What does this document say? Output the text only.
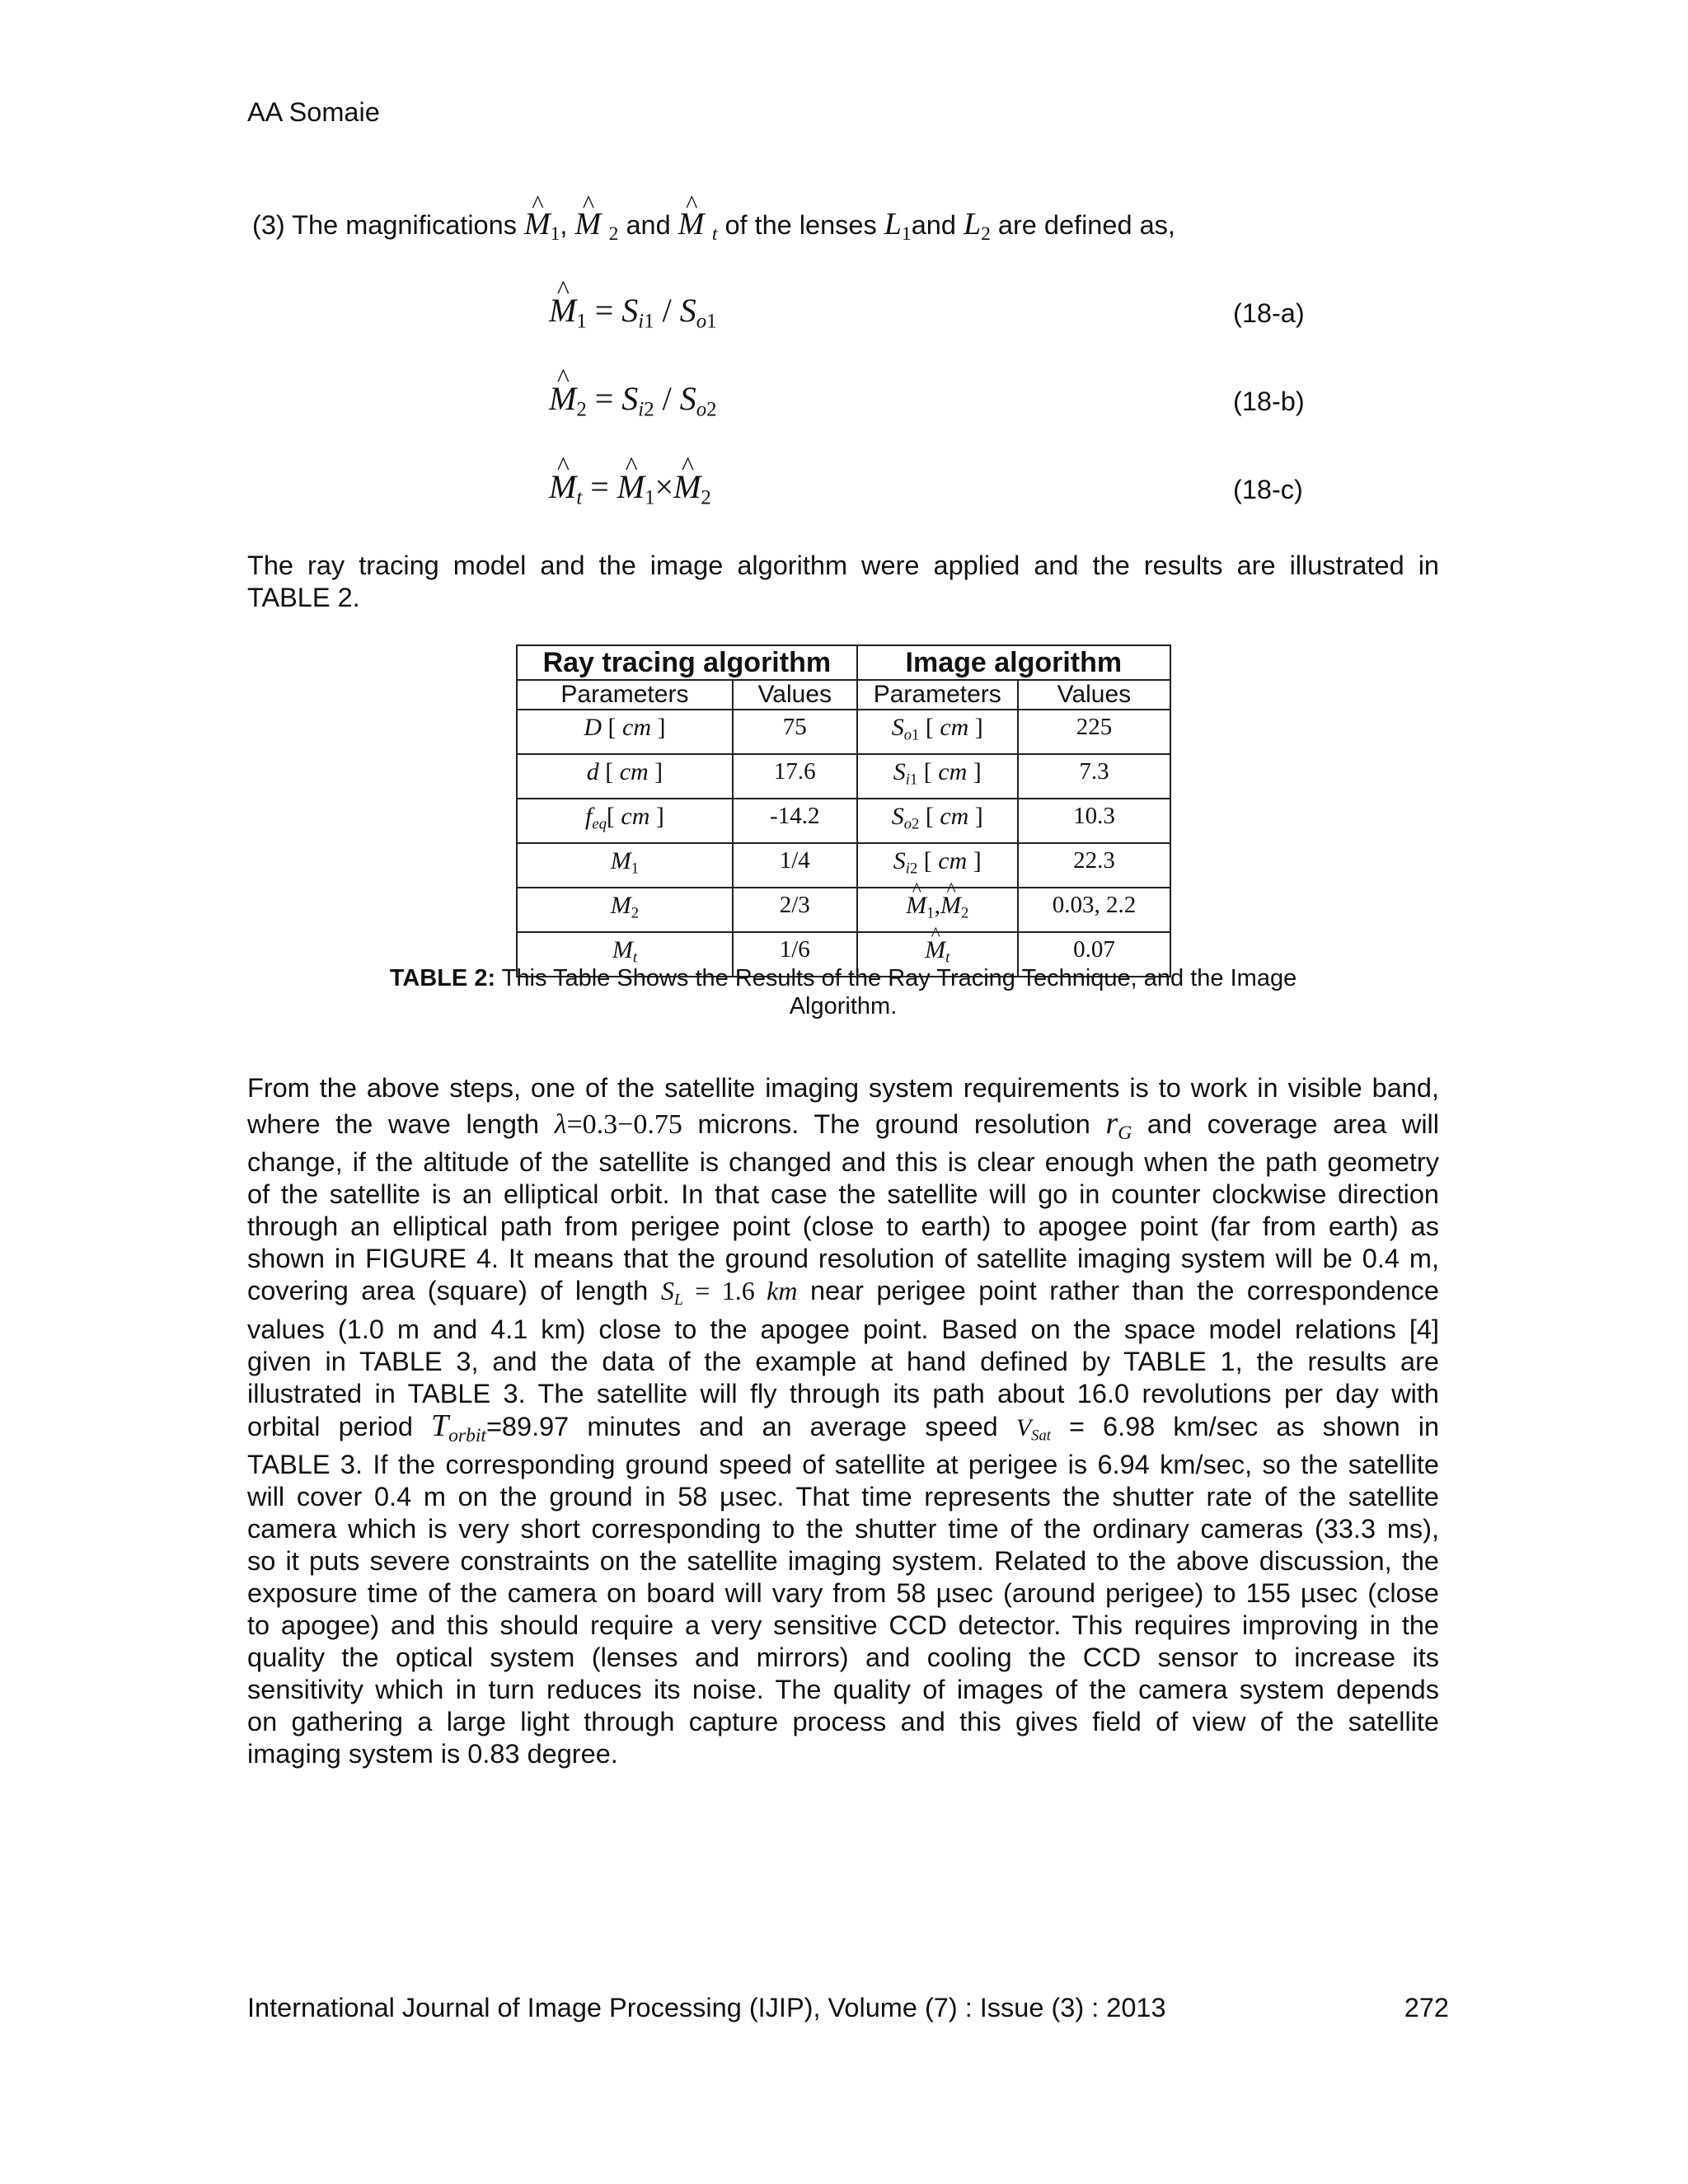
AA Somaie
(3) The magnifications ^ $M_1$, ^ M $_2$ and ^ M $_t$ of the lenses $L_1and$ $L_2$ are defined as,
^ $M_1 = S_{i1} / S_{o1}$	(18-a)
^ $M_2 = S_{i2} / S_{o2}$	(18-b)
^ $M_t$ = ^ $M_1\times\^{}$ $M_2$	(18-c)
The ray tracing model and the image algorithm were applied and the results are illustrated in
TABLE 2.
Ray tracing algorithm		Image algorithm	
Parameters	Values	Parameters	Values
D [ cm ]	75	$S_{o1}$ [ cm ]	225
d [ cm ]	17.6	$S_{i1}$ [ cm ]	7.3
$f_{eq}$[ cm ]	-14.2	$S_{o2}$ [ cm ]	10.3
$M_1$	1/4	$S_{i2}$ [ cm ]	22.3
$M_2$	2/3	^ $M_1,\^{}$ $M_2$	0.03, 2.2
$M_t$	1/6	^ $M_t$	0.07
TABLE 2: This Table Shows the Results of the Ray Tracing Technique, and the Image
Algorithm.
From the above steps, one of the satellite imaging system requirements is to work in visible band,
where the wave length λ=0.3−0.75 microns. The ground resolution $r_G$ and coverage area will
change, if the altitude of the satellite is changed and this is clear enough when the path geometry
of the satellite is an elliptical orbit. In that case the satellite will go in counter clockwise direction
through an elliptical path from perigee point (close to earth) to apogee point (far from earth) as
shown in FIGURE 4. It means that the ground resolution of satellite imaging system will be 0.4 m,
covering area (square) of length $S_L = 1.6$ km near perigee point rather than the correspondence
values (1.0 m and 4.1 km) close to the apogee point. Based on the space model relations [4]
given in TABLE 3, and the data of the example at hand defined by TABLE 1, the results are
illustrated in TABLE 3. The satellite will fly through its path about 16.0 revolutions per day with
orbital period $T_{orbit}=89.97$ minutes and an average speed $V_{Sat} = 6.98$ km/sec as shown in
TABLE 3. If the corresponding ground speed of satellite at perigee is 6.94 km/sec, so the satellite
will cover 0.4 m on the ground in 58 µsec. That time represents the shutter rate of the satellite
camera which is very short corresponding to the shutter time of the ordinary cameras (33.3 ms),
so it puts severe constraints on the satellite imaging system. Related to the above discussion, the
exposure time of the camera on board will vary from 58 µsec (around perigee) to 155 µsec (close
to apogee) and this should require a very sensitive CCD detector. This requires improving in the
quality the optical system (lenses and mirrors) and cooling the CCD sensor to increase its
sensitivity which in turn reduces its noise. The quality of images of the camera system depends
on gathering a large light through capture process and this gives field of view of the satellite
imaging system is 0.83 degree.
International Journal of Image Processing (IJIP), Volume (7) : Issue (3) : 2013	272
